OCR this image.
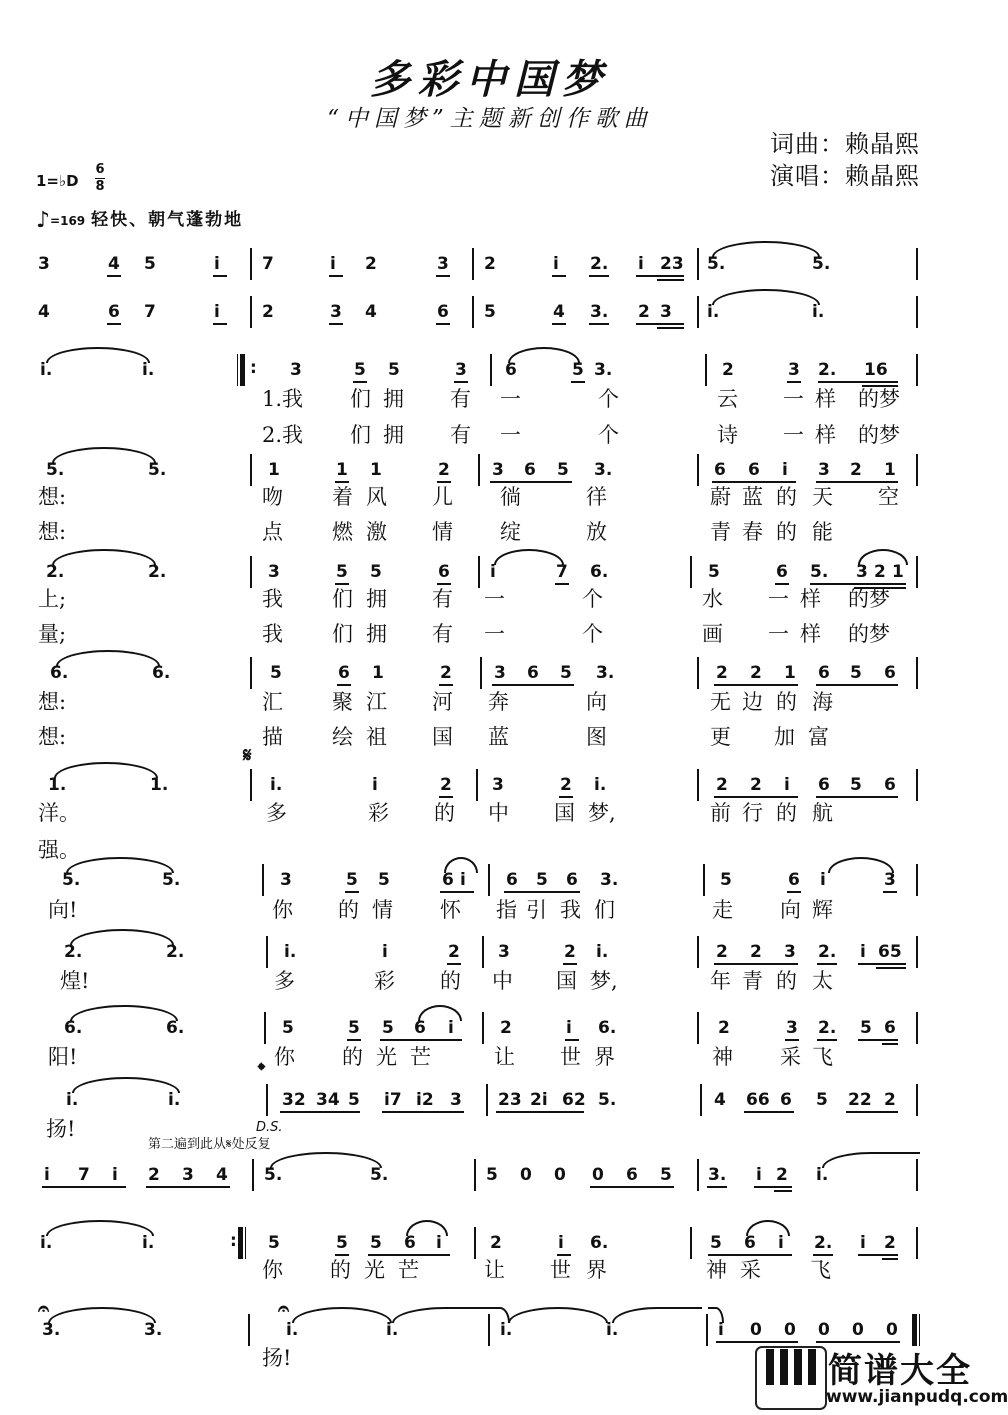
多彩中国梦
“中国梦”主题新创作歌曲
词曲：赖晶熙
演唱：赖晶熙
1=♭D
6
8
♪=169 轻快、朝气蓬勃地
3	4 5	i 7	i 2	3 2	i 2. i 23 5.	5.
4	6 7	i 2	3 4	6 5	4 3. 2 3 i.	i.
i.	i.	: 3	5 5	3 6	5 3.	2	3 2. 16
1.我 们 拥 有 一	个	云 一 样 的梦
2.我 们 拥 有 一	个	诗 一 样 的梦
5.	5.	1	1 1	2 3 6 5 3.	6 6 i 3 2 1
想:	吻 着 风 儿 徜	徉	蔚 蓝 的 天 空
想:	点 燃 激 情 绽	放	青 春 的 能
2.	2.	3	5 5	6 i	7 6.	5	6 5. 3 2 1
上;	我 们 拥 有 一	个	水 一 样 的梦
量;	我 们 拥 有 一	个	画 一 样 的梦
6.	6.	5	6 1	2 3 6 5 3.	2 2 1 6 5 6
想:	汇 聚 江 河 奔	向	无 边 的 海
想:	描 绘 祖 国 蓝	图	更 加 富
𝄋
1.	1.	i.	i	2 3	2 i.	2 2 i 6 5 6
洋。	多	彩 的 中 国 梦,	前 行 的 航
强。
5.	5.	3	5 5	6 i 6 5 6 3.	5	6 i	3
向!	你 的 情 怀 指 引 我 们	走 向 辉
2.	2.	i.	i	2 3	2 i.	2 2 3 2. i 65
煌!	多	彩 的 中 国 梦,	年 青 的 太
6.	6.	5	5 5 6 i	2	i 6.	2	3 2. 5 6
阳!	你 的 光 芒	让 世 界	神 采 飞
𝄌
i.	i.	32 34 5 i7 i2 3 23 2i 62 5.	4 66 6 5 22 2
扬!	D.S.
第二遍到此从𝄋处反复
i 7 i 2 3 4 5.	5.	5 0 0 0 6 5 3. i 2 i.
i.	i.	: 5	5 5 6 i	2	i 6.	5 6 i 2. i 2
你 的 光 芒	让 世 界	神 采 飞
𝄐	𝄐
3.	3.	i.	i.	i.	i.	i 0 0 0 0 0
扬!	简谱大全
www.jianpudq.com
